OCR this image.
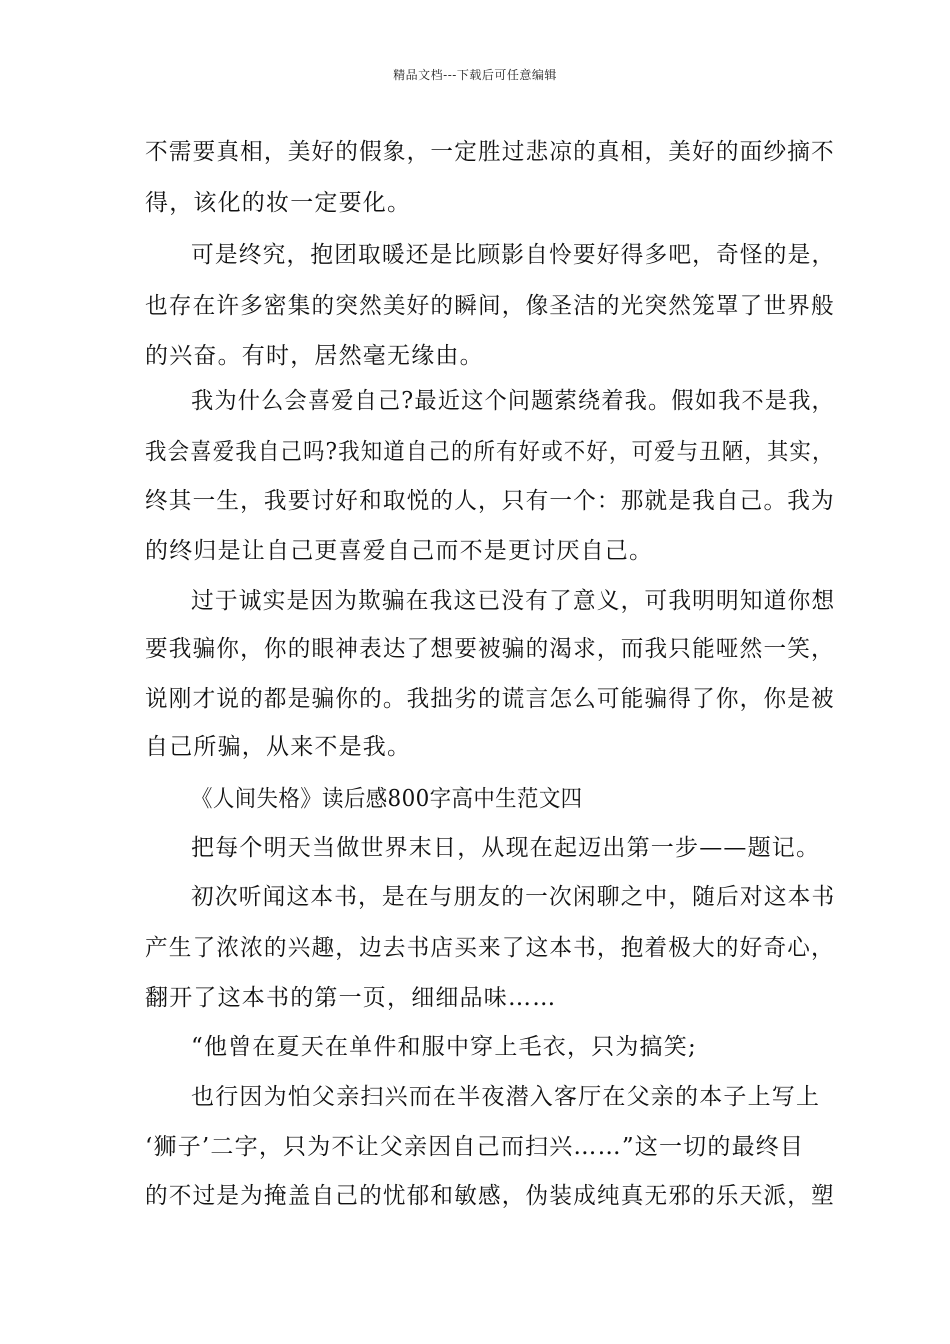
精品文档---下载后可任意编辑
不需要真相，美好的假象，一定胜过悲凉的真相，美好的面纱摘不
得，该化的妆一定要化。
可是终究，抱团取暖还是比顾影自怜要好得多吧，奇怪的是，
也存在许多密集的突然美好的瞬间，像圣洁的光突然笼罩了世界般
的兴奋。有时，居然毫无缘由。
我为什么会喜爱自己?最近这个问题萦绕着我。假如我不是我，
我会喜爱我自己吗?我知道自己的所有好或不好，可爱与丑陋，其实，
终其一生，我要讨好和取悦的人，只有一个：那就是我自己。我为
的终归是让自己更喜爱自己而不是更讨厌自己。
过于诚实是因为欺骗在我这已没有了意义，可我明明知道你想
要我骗你，你的眼神表达了想要被骗的渴求，而我只能哑然一笑，
说刚才说的都是骗你的。我拙劣的谎言怎么可能骗得了你，你是被
自己所骗，从来不是我。
《人间失格》读后感800字高中生范文四
把每个明天当做世界末日，从现在起迈出第一步——题记。
初次听闻这本书，是在与朋友的一次闲聊之中，随后对这本书
产生了浓浓的兴趣，边去书店买来了这本书，抱着极大的好奇心，
翻开了这本书的第一页，细细品味……
“他曾在夏天在单件和服中穿上毛衣，只为搞笑;
也行因为怕父亲扫兴而在半夜潜入客厅在父亲的本子上写上
‘狮子’二字，只为不让父亲因自己而扫兴……”这一切的最终目
的不过是为掩盖自己的忧郁和敏感，伪装成纯真无邪的乐天派，塑
